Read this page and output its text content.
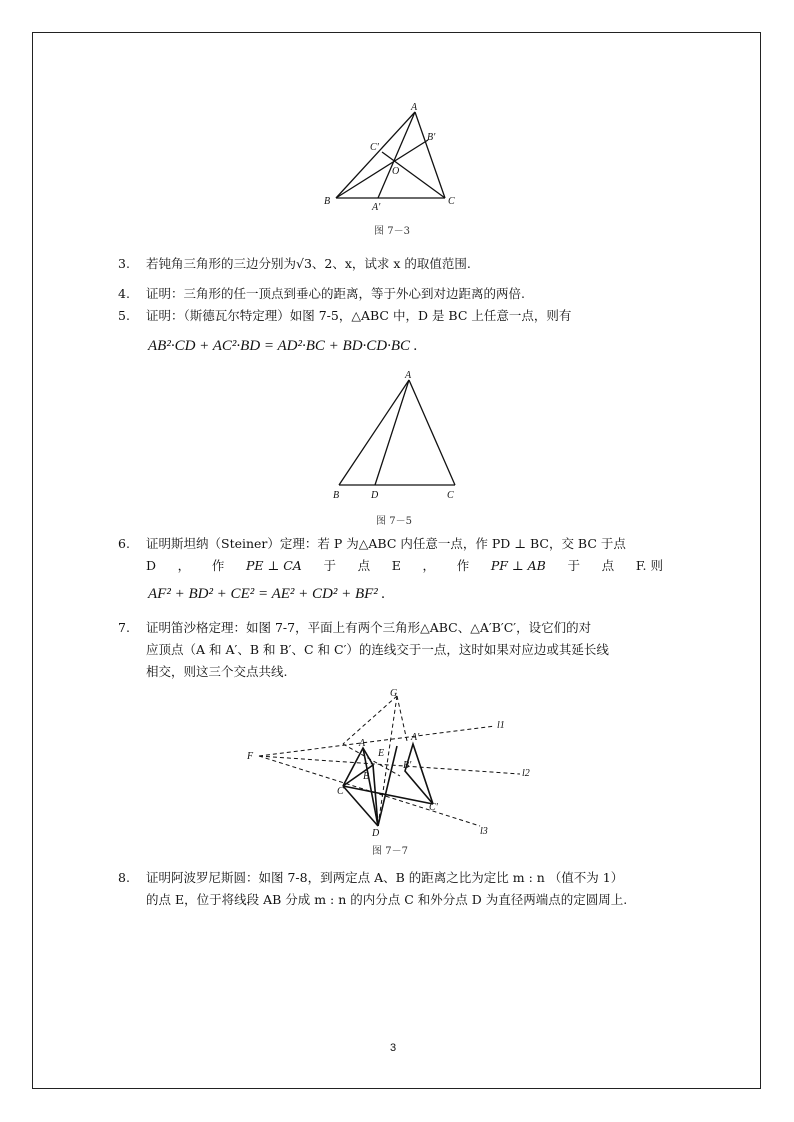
A
B'
C'
O
B
A'
C
图 7－3
3.	若钝角三角形的三边分别为√3、2、x，试求 x 的取值范围.
4.	证明：三角形的任一顶点到垂心的距离，等于外心到对边距离的两倍.
5.	证明：（斯德瓦尔特定理）如图 7-5，△ABC 中，D 是 BC 上任意一点，则有
AB²·CD + AC²·BD = AD²·BC + BD·CD·BC .
A
B	D	C
图 7－5
6.	证明斯坦纳（Steiner）定理：若 P 为△ABC 内任意一点，作 PD ⊥ BC，交 BC 于点
D ， 作 PE ⊥ CA 于 点 E ， 作 PF ⊥ AB 于 点 F. 则
AF² + BD² + CE² = AE² + CD² + BF² .
7.	证明笛沙格定理：如图 7-7，平面上有两个三角形△ABC、△A′B′C′，设它们的对
应顶点（A 和 A′、B 和 B′、C 和 C′）的连线交于一点，这时如果对应边或其延长线
相交，则这三个交点共线.
G
A
A'
E
B
B'
F
C
C'
D
l1
l2
l3
图 7－7
8.	证明阿波罗尼斯圆：如图 7-8，到两定点 A、B 的距离之比为定比 m : n （值不为 1）
的点 E，位于将线段 AB 分成 m : n 的内分点 C 和外分点 D 为直径两端点的定圆周上.
3
